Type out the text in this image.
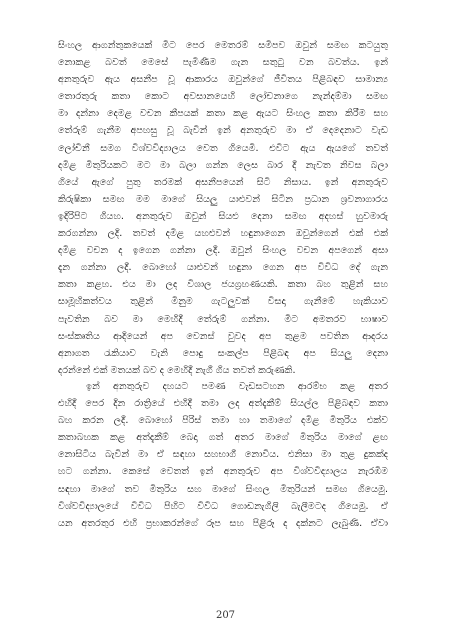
සිංහල ආගන්තුකයෙක් මීට පෙර මෙතරම් සමීපව ඔවුන් සමඟ කටයුතු
නොකළ බවත් මෙසේ පැමිණීම ගැන සතුටු වන බවත්ය. ඉන්
අනතුරුව ඇය අසනීප වූ ආකාරය ඔවුන්ගේ ජීවිතය පිළිබඳව සාමාන්‍ය
තොරතුරු කතා කොට අවසානයෙහි ලෝචනාගෙ නැන්දම්මා සමඟ
මා දන්නා දෙමළ වචන කීපයක් කතා කළ ඇයට සිංහල කතා කිරීම සහ
තේරුම් ගැනීම අපහසු වූ බැවින් ඉන් අනතුරුව මා ඒ දෙදෙනාට වැඩ
ලෝචිනී සමග විශ්වවිද්‍යාලය වෙත ගියෙමි. එවිට ඇය ඇයගේ තවත්
දමිළ මිතුරියකට මට මා බලා ගන්න ලෙස බාර දී නැවත නිවස බලා
ගියේ ඇගේ පුතු තරමක් අසනීපයෙන් සිටි නිසාය. ඉන් අනතුරුව
කිරුෂිකා සමඟ මම මාගේ සියලු යාළුවන් සිටින ප්‍රධාන ශ්‍රවනාගාරය
ඉදිරිපිට ගියහ. අනතුරුව ඔවුන් සියළු දෙනා සමඟ අදහස් හුවමාරු
කරගන්නා ලදි. තවත් දමිළ යහළුවන් හඳුනාගෙන ඔවුන්ගෙන් එක් එක්
දමිළ වචන ද ඉගෙන ගන්නා ලදී. ඔවුන් සිංහල වචන අපගෙන් අසා
දැන ගන්නා ලදී. බොහෝ යාළුවන් හඳුනා ගෙන අප විවිධ දේ ගැන
කතා කළහ. එය මා ලද විශාල ජයග්‍රහණයකි. කතා බහ තුළින් සහ
සාමූහිකත්වය තුළින් මිනුම ගැටලුවක් විසදා ගැනීමේ හැකියාව
පැවතින බව මා මෙහිදී තේරුම් ගන්නා. මීට අමතරව භාෂාව
සංස්කෘතිය ආදියෙන් අප වෙනස් වුවද අප තුළම පවතින ආදරය
අනාගත රැකියාව වැනි පොදු සංකල්ප පිළිබඳ අප සියලු දෙනා
දරන්නේ එක් මතයක් බව ද මෙහිදී නැගී ගිය තවත් කරුණකි.
ඉන් අනතුරුව දහයට පමණ වැඩසටහන ආරම්භ කළ අතර
එහිදී පෙර දින රාත්‍රියේ එහිදී තමා ලද අත්දැකීම් සියල්ල පිළිබඳව කතා
බහ කරන ලදී. බොහෝ පිරිස් තමා හා තමාගේ දමිළ මිතුරිය එක්ව
කතාබහක කළ අත්දැකීම් බෙදා ගත් අතර මාගේ මිතුරිය මාගේ ළඟ
නොසිටිය බැවින් මා ඒ සඳහා සහභාගී නොවීය. එනිසා මා තුළ දුකක්ද
හට ගන්නා. කෙසේ වෙතත් ඉන් අනතුරුව අප විශ්වවිද්‍යාලය නැරඹීම
සඳහා මාගේ තව මිතුරිය සහ මාගේ සිංහල මිතුරියන් සමඟ ගියෙමු.
විශ්වවිද්‍යාලයේ විවිධ පිහිට විවිධ ගොඩනැගිලි බැලීමටද ගියෙමු. ඒ
යන අතරතුර එහි ප්‍රභාකරන්ගේ රූප සහ පිළිරූ ද දක්නට ලැබුණි. ඒවා
207
